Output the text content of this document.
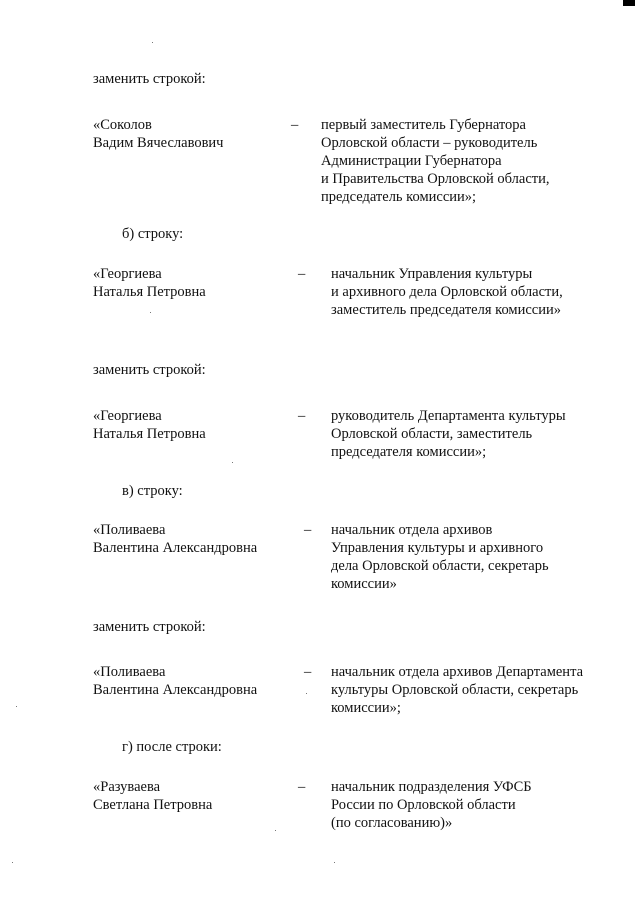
заменить строкой:
«Соколов
Вадим Вячеславович
– первый заместитель Губернатора
Орловской области – руководитель
Администрации Губернатора
и Правительства Орловской области,
председатель комиссии»;
б) строку:
«Георгиева
Наталья Петровна
– начальник Управления культуры
и архивного дела Орловской области,
заместитель председателя комиссии»
заменить строкой:
«Георгиева
Наталья Петровна
– руководитель Департамента культуры
Орловской области, заместитель
председателя комиссии»;
в) строку:
«Поливаева
Валентина Александровна
– начальник отдела архивов
Управления культуры и архивного
дела Орловской области, секретарь
комиссии»
заменить строкой:
«Поливаева
Валентина Александровна
– начальник отдела архивов Департамента
культуры Орловской области, секретарь
комиссии»;
г) после строки:
«Разуваева
Светлана Петровна
– начальник подразделения УФСБ
России по Орловской области
(по согласованию)»
